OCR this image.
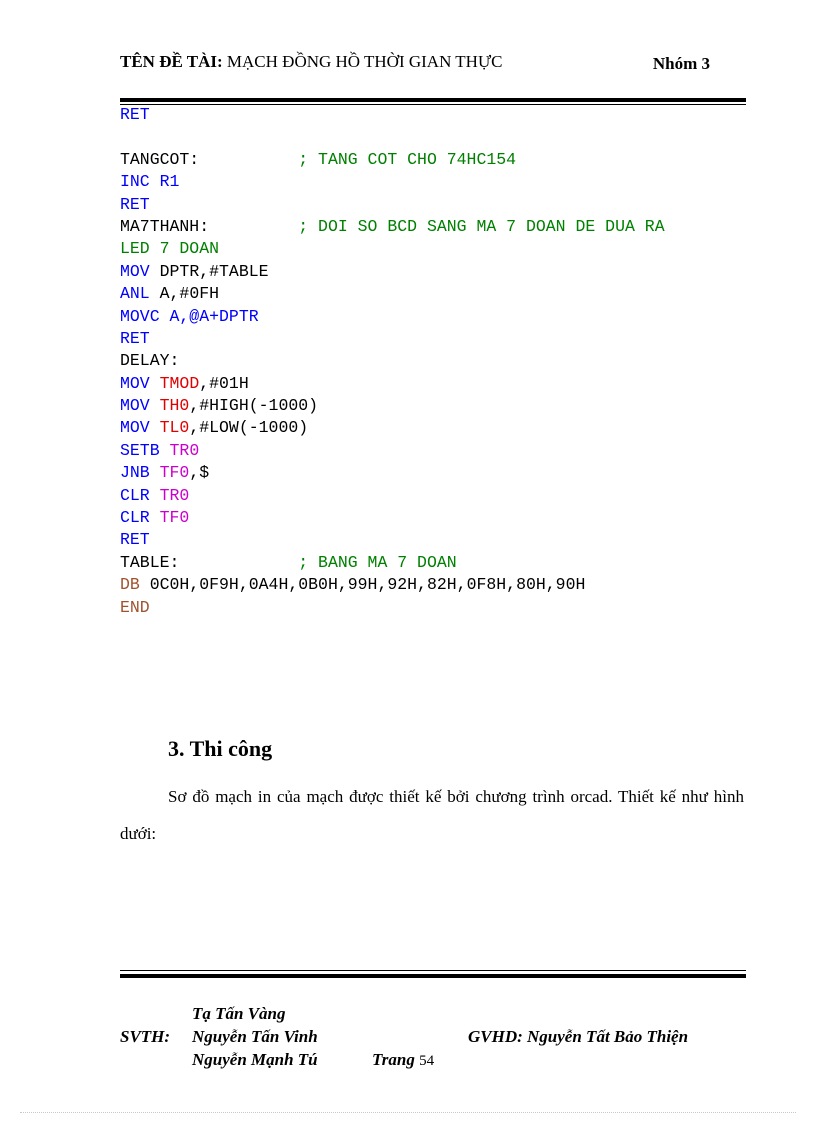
TÊN ĐỀ TÀI: MẠCH ĐỒNG HỒ THỜI GIAN THỰC	Nhóm 3
RET
TANGCOT:          ; TANG COT CHO 74HC154
INC R1
RET
MA7THANH:         ; DOI SO BCD SANG MA 7 DOAN DE DUA RA
LED 7 DOAN
MOV DPTR,#TABLE
ANL A,#0FH
MOVC A,@A+DPTR
RET
DELAY:
MOV TMOD,#01H
MOV TH0,#HIGH(-1000)
MOV TL0,#LOW(-1000)
SETB TR0
JNB TF0,$
CLR TR0
CLR TF0
RET
TABLE:            ; BANG MA 7 DOAN
DB 0C0H,0F9H,0A4H,0B0H,99H,92H,82H,0F8H,80H,90H
END
3. Thi công
Sơ đồ mạch in của mạch được thiết kế bởi chương trình orcad. Thiết kế như hình dưới:
Tạ Tấn Vàng
SVTH: Nguyễn Tấn Vinh
Nguyễn Mạnh Tú	Trang 54
GVHD: Nguyễn Tất Bảo Thiện
